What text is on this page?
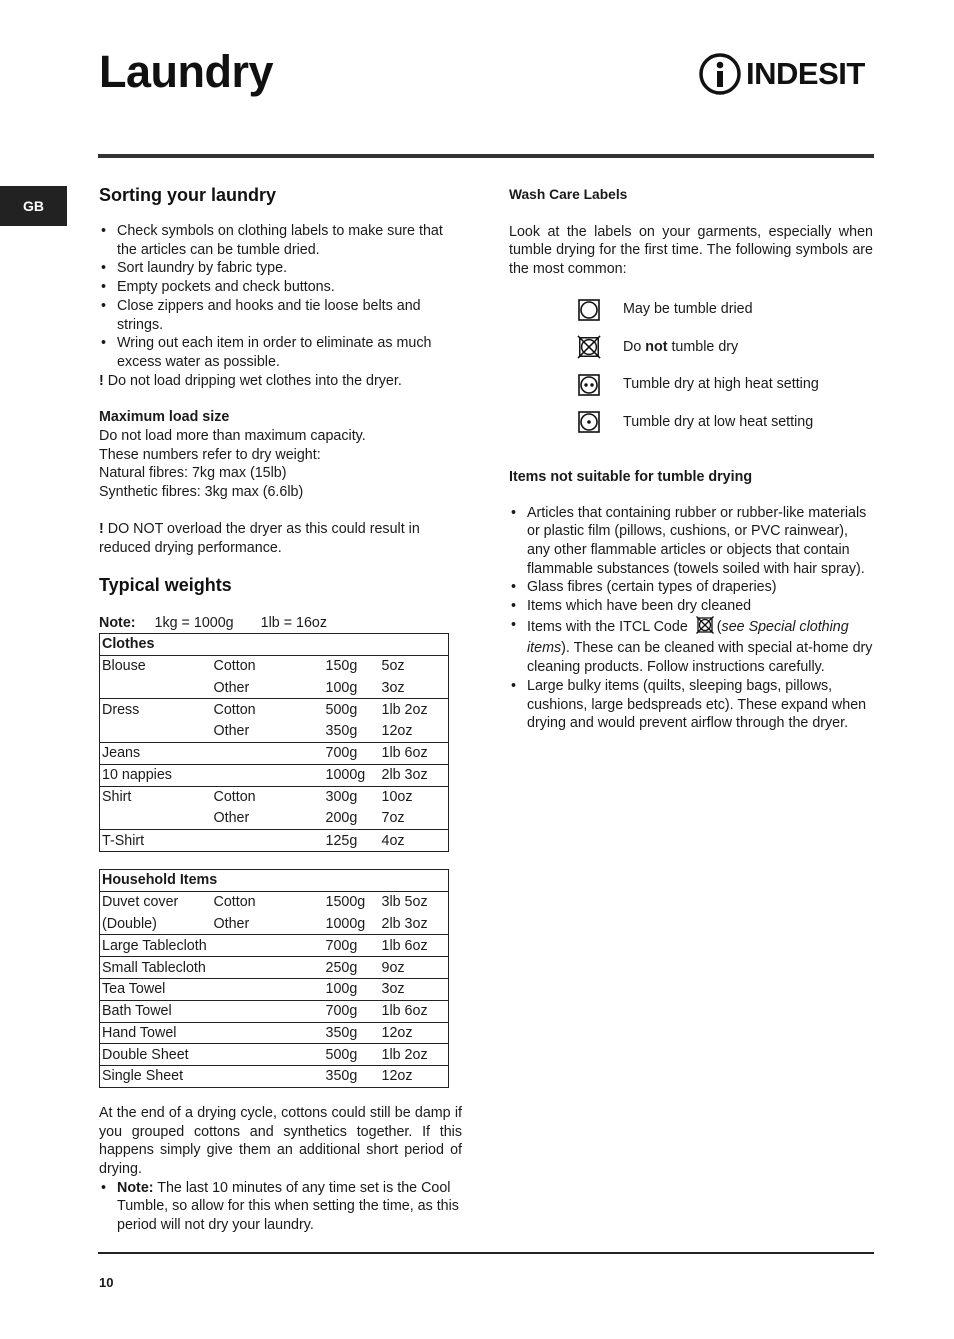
Laundry	INDESIT
GB
Sorting your laundry
• Check symbols on clothing labels to make sure that the articles can be tumble dried.
• Sort laundry by fabric type.
• Empty pockets and check buttons.
• Close zippers and hooks and tie loose belts and strings.
• Wring out each item in order to eliminate as much excess water as possible.

! Do not load dripping wet clothes into the dryer.

Maximum load size

Do not load more than maximum capacity.

These numbers refer to dry weight:

Natural fibres: 7kg max (15lb)

Synthetic fibres: 3kg max (6.6lb)

! DO NOT overload the dryer as this could result in reduced drying performance.

Typical weights

Note: 1kg = 1000g 1lb = 16oz

Clothes			
Blouse	Cotton	150g	5oz
	Other	100g	3oz
Dress	Cotton	500g	1lb 2oz
	Other	350g	12oz
Jeans		700g	1lb 6oz
10 nappies		1000g	2lb 3oz
Shirt	Cotton	300g	10oz
	Other	200g	7oz
T-Shirt		125g	4oz
Household Items			
Duvet cover	Cotton	1500g	3lb 5oz
(Double)	Other	1000g	2lb 3oz
Large Tablecloth		700g	1lb 6oz
Small Tablecloth		250g	9oz
Tea Towel		100g	3oz
Bath Towel		700g	1lb 6oz
Hand Towel		350g	12oz
Double Sheet		500g	1lb 2oz
Single Sheet		350g	12oz

At the end of a drying cycle, cottons could still be damp if you grouped cottons and synthetics together. If this happens simply give them an additional short period of drying.

• Note: The last 10 minutes of any time set is the Cool Tumble, so allow for this when setting the time, as this period will not dry your laundry.
Wash Care Labels

Look at the labels on your garments, especially when tumble drying for the first time. The following symbols are the most common:

May be tumble dried
Do not tumble dry
Tumble dry at high heat setting
Tumble dry at low heat setting
Items not suitable for tumble drying
• Articles that containing rubber or rubber-like materials or plastic film (pillows, cushions, or PVC rainwear), any other flammable articles or objects that contain flammable substances (towels soiled with hair spray).
• Glass fibres (certain types of draperies)
• Items which have been dry cleaned
• Items with the ITCL Code (see Special clothing items). These can be cleaned with special at-home dry cleaning products. Follow instructions carefully.
• Large bulky items (quilts, sleeping bags, pillows, cushions, large bedspreads etc). These expand when drying and would prevent airflow through the dryer.
10
